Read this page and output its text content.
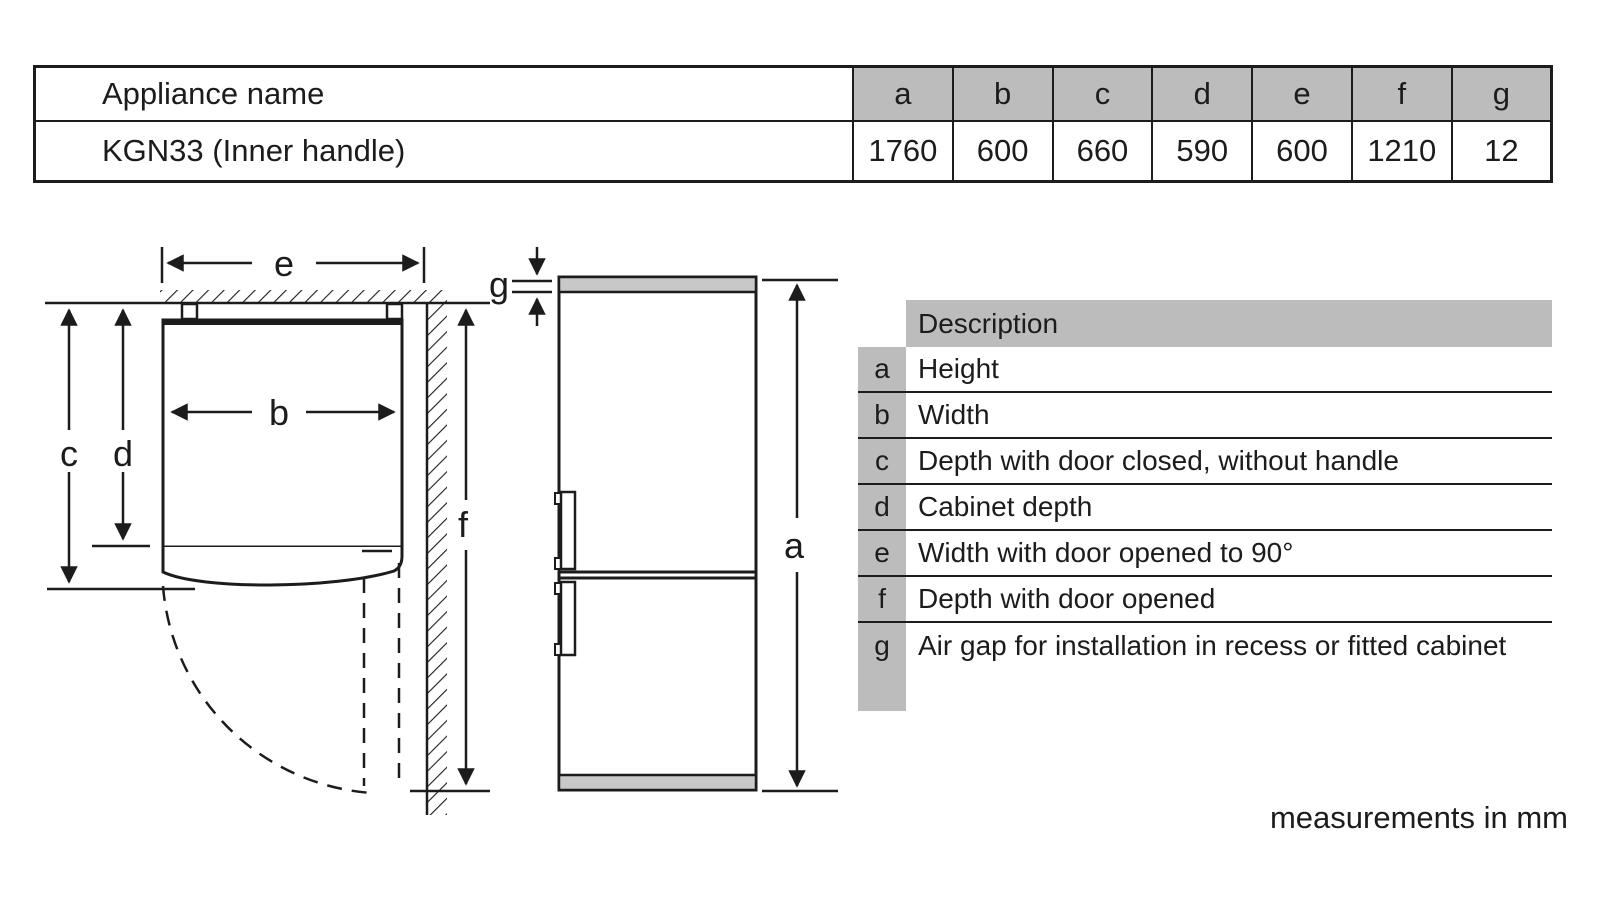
Appliance name	a	b	c	d	e	f	g
KGN33 (Inner handle)	1760	600	660	590	600	1210	12
e
b
c d
f
g
a
Description
a	Height
b	Width
c	Depth with door closed, without handle
d	Cabinet depth
e	Width with door opened to 90°
f	Depth with door opened
g	Air gap for installation in recess or fitted cabinet
measurements in mm
